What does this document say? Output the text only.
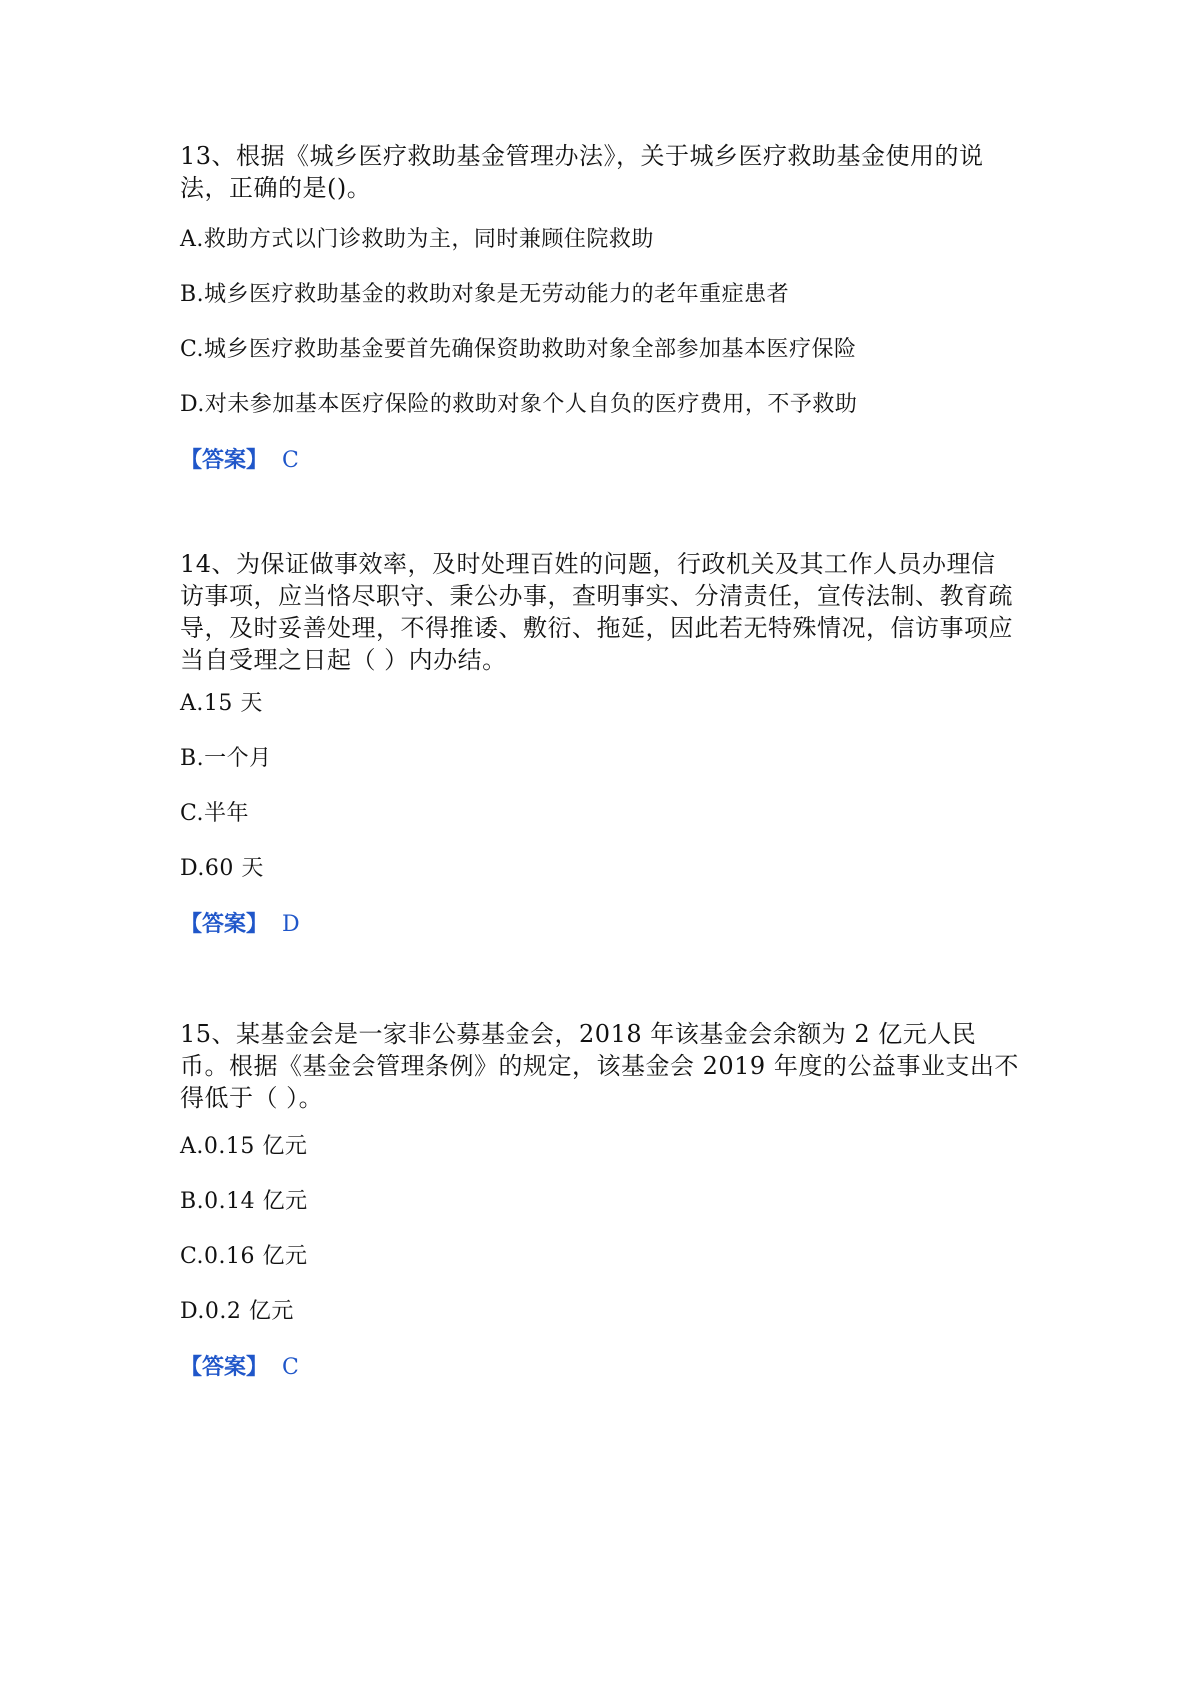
13、根据《城乡医疗救助基金管理办法》，关于城乡医疗救助基金使用的说法，正确的是()。

A.救助方式以门诊救助为主，同时兼顾住院救助

B.城乡医疗救助基金的救助对象是无劳动能力的老年重症患者

C.城乡医疗救助基金要首先确保资助救助对象全部参加基本医疗保险

D.对未参加基本医疗保险的救助对象个人自负的医疗费用，不予救助

【答案】 C

14、为保证做事效率，及时处理百姓的问题，行政机关及其工作人员办理信访事项，应当恪尽职守、秉公办事，查明事实、分清责任，宣传法制、教育疏导，及时妥善处理，不得推诿、敷衍、拖延，因此若无特殊情况，信访事项应当自受理之日起（ ）内办结。

A.15 天

B.一个月

C.半年

D.60 天

【答案】 D

15、某基金会是一家非公募基金会，2018 年该基金会余额为 2 亿元人民币。根据《基金会管理条例》的规定，该基金会 2019 年度的公益事业支出不得低于（ ）。

A.0.15 亿元

B.0.14 亿元

C.0.16 亿元

D.0.2 亿元

【答案】 C
